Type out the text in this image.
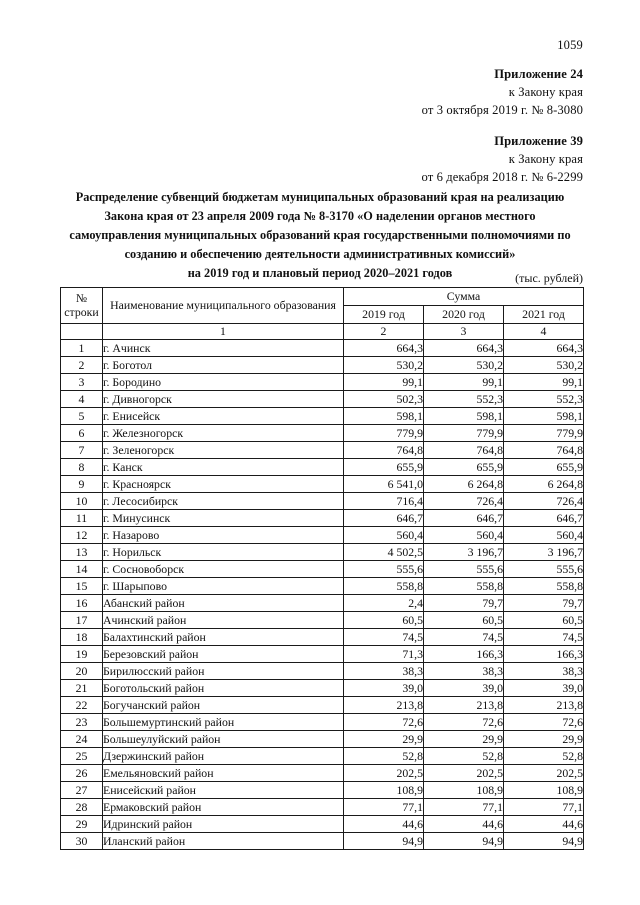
1059
Приложение 24
к Закону края
от 3 октября 2019 г. № 8-3080
Приложение 39
к Закону края
от 6 декабря 2018 г. № 6-2299
Распределение субвенций бюджетам муниципальных образований края на реализацию
Закона края от 23 апреля 2009 года № 8-3170 «О наделении органов местного
самоуправления муниципальных образований края государственными полномочиями по
созданию и обеспечению деятельности административных комиссий»
на 2019 год и плановый период 2020–2021 годов	(тыс. рублей)
№
строки	Наименование муниципального образования	Сумма		
		2019 год	2020 год	2021 год
	1	2	3	4
1	г. Ачинск	664,3	664,3	664,3
2	г. Боготол	530,2	530,2	530,2
3	г. Бородино	99,1	99,1	99,1
4	г. Дивногорск	502,3	552,3	552,3
5	г. Енисейск	598,1	598,1	598,1
6	г. Железногорск	779,9	779,9	779,9
7	г. Зеленогорск	764,8	764,8	764,8
8	г. Канск	655,9	655,9	655,9
9	г. Красноярск	6 541,0	6 264,8	6 264,8
10	г. Лесосибирск	716,4	726,4	726,4
11	г. Минусинск	646,7	646,7	646,7
12	г. Назарово	560,4	560,4	560,4
13	г. Норильск	4 502,5	3 196,7	3 196,7
14	г. Сосновоборск	555,6	555,6	555,6
15	г. Шарыпово	558,8	558,8	558,8
16	Абанский район	2,4	79,7	79,7
17	Ачинский район	60,5	60,5	60,5
18	Балахтинский район	74,5	74,5	74,5
19	Березовский район	71,3	166,3	166,3
20	Бирилюсский район	38,3	38,3	38,3
21	Боготольский район	39,0	39,0	39,0
22	Богучанский район	213,8	213,8	213,8
23	Большемуртинский район	72,6	72,6	72,6
24	Большеулуйский район	29,9	29,9	29,9
25	Дзержинский район	52,8	52,8	52,8
26	Емельяновский район	202,5	202,5	202,5
27	Енисейский район	108,9	108,9	108,9
28	Ермаковский район	77,1	77,1	77,1
29	Идринский район	44,6	44,6	44,6
30	Иланский район	94,9	94,9	94,9
